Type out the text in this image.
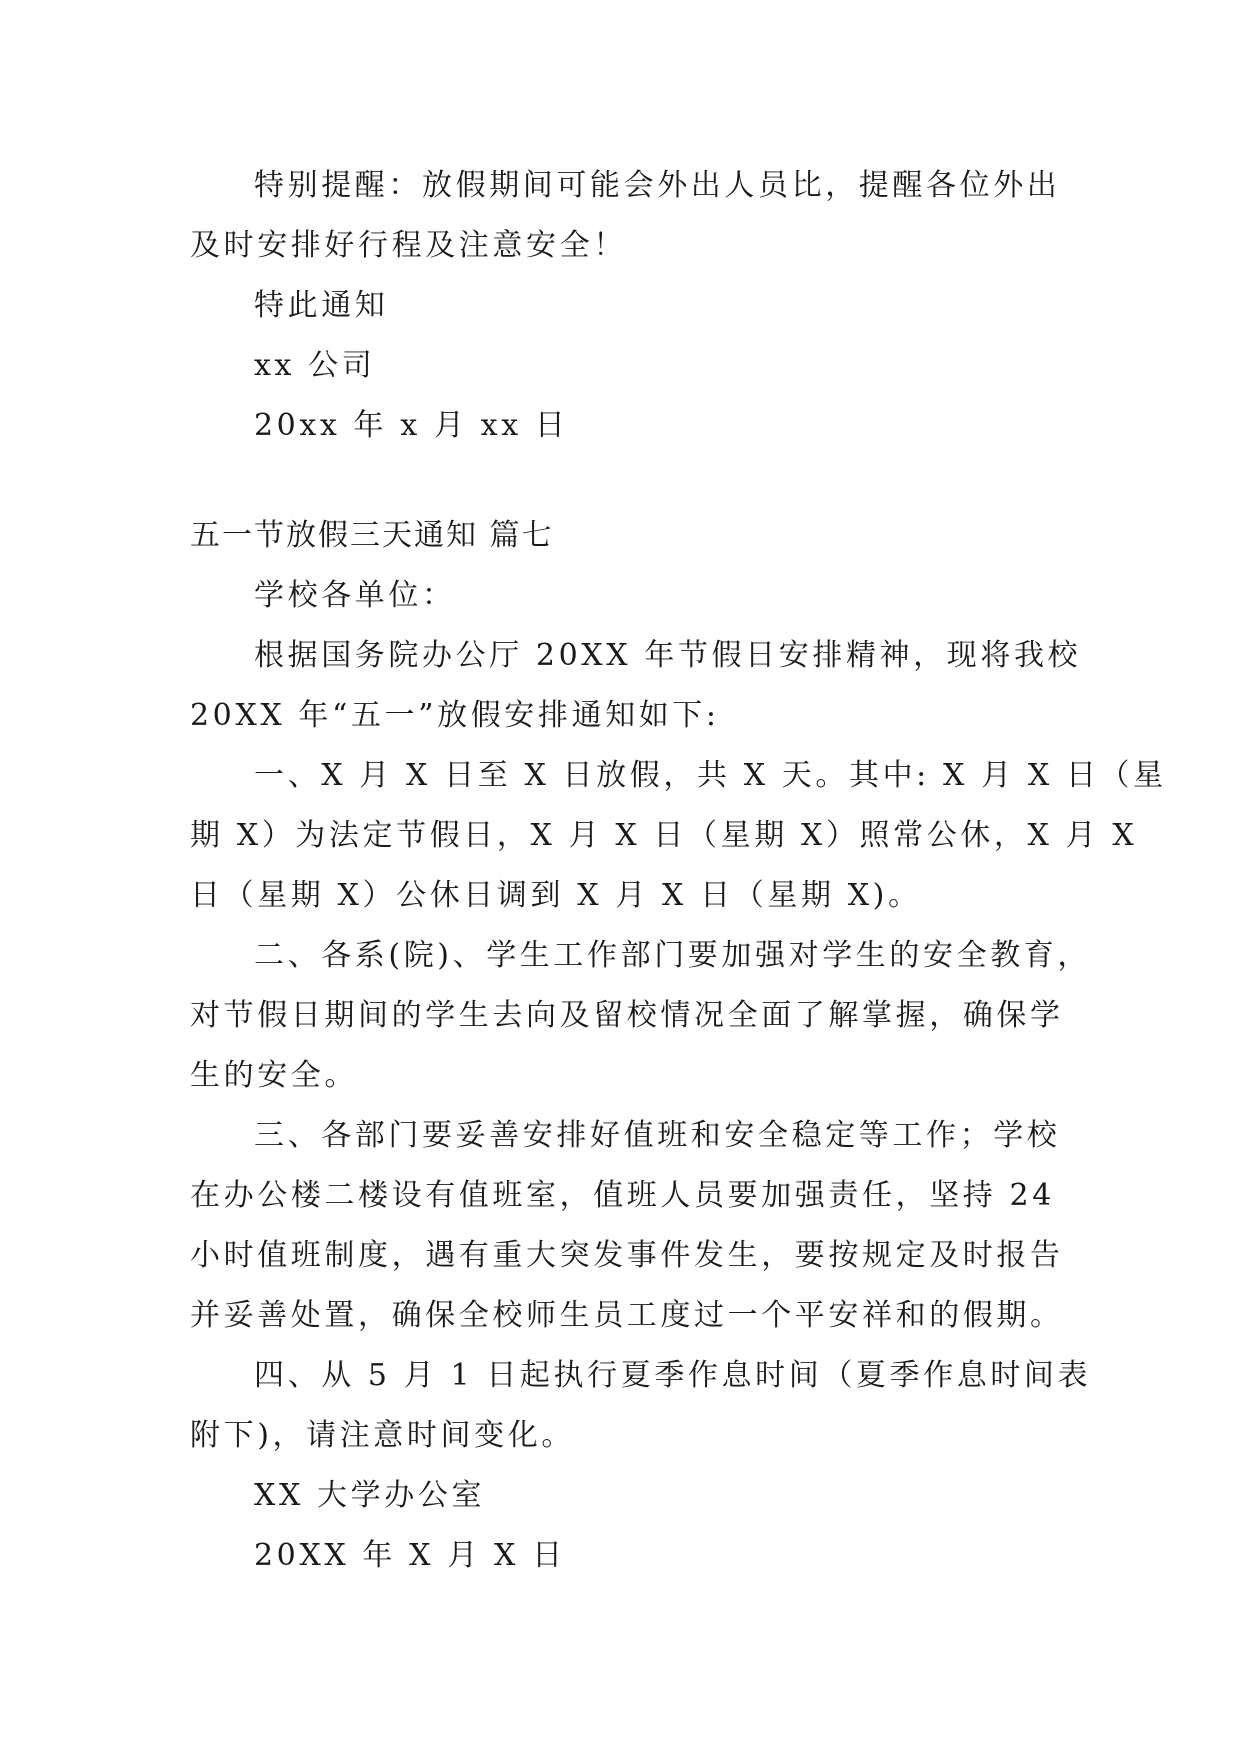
特别提醒：放假期间可能会外出人员比，提醒各位外出
及时安排好行程及注意安全！
特此通知
xx 公司
20xx 年 x 月 xx 日
五一节放假三天通知 篇七
学校各单位：
根据国务院办公厅 20XX 年节假日安排精神，现将我校
20XX 年“五一”放假安排通知如下:
一、X 月 X 日至 X 日放假，共 X 天。其中: X 月 X 日（星
期 X）为法定节假日，X 月 X 日（星期 X）照常公休，X 月 X
日（星期 X）公休日调到 X 月 X 日（星期 X)。
二、各系(院)、学生工作部门要加强对学生的安全教育，
对节假日期间的学生去向及留校情况全面了解掌握，确保学
生的安全。
三、各部门要妥善安排好值班和安全稳定等工作；学校
在办公楼二楼设有值班室，值班人员要加强责任，坚持 24
小时值班制度，遇有重大突发事件发生，要按规定及时报告
并妥善处置，确保全校师生员工度过一个平安祥和的假期。
四、从 5 月 1 日起执行夏季作息时间（夏季作息时间表
附下)，请注意时间变化。
XX 大学办公室
20XX 年 X 月 X 日
